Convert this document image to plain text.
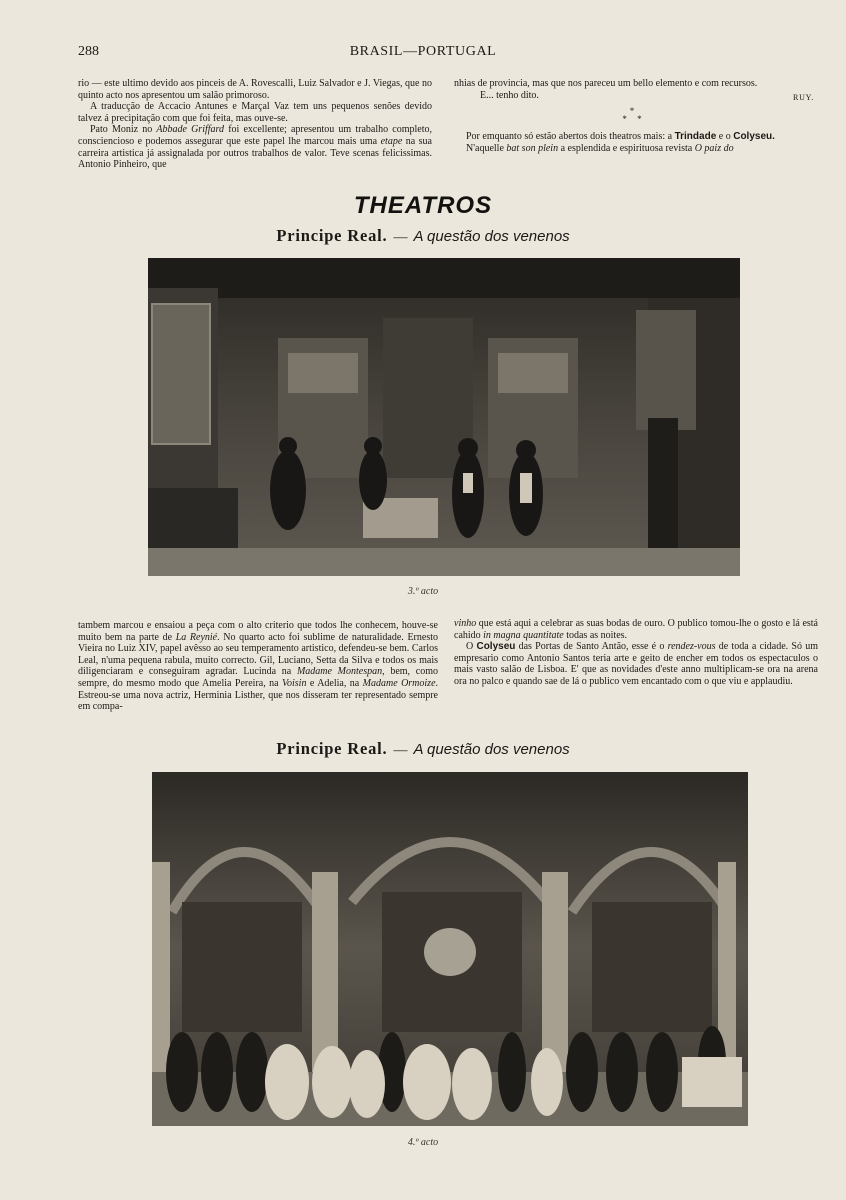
288	BRASIL—PORTUGAL

rio — este ultimo devido aos pinceis de A. Rovescalli, Luiz Salvador e J. Viegas, que no quinto acto nos apresentou um salão primoroso.

A traducção de Accacio Antunes e Marçal Vaz tem uns pequenos senões devido talvez á precipitação com que foi feita, mas ouve-se.

Pato Moniz no Abbade Griffard foi excellente; apresentou um trabalho completo, consciencioso e podemos assegurar que este papel lhe marcou mais uma etape na sua carreira artistica já assignalada por outros trabalhos de valor. Teve scenas felicissimas. Antonio Pinheiro, que

nhias de provincia, mas que nos pareceu um bello elemento e com recursos.

E... tenho dito.	RUY.

*
* *

Por emquanto só estão abertos dois theatros mais: a Trindade e o Colyseu.

N'aquelle bat son plein a esplendida e espirituosa revista O paiz do

THEATROS
Principe Real. — A questão dos venenos
3.º acto

tambem marcou e ensaiou a peça com o alto criterio que todos lhe conhecem, houve-se muito bem na parte de La Reynié. No quarto acto foi sublime de naturalidade. Ernesto Vieira no Luiz XIV, papel avêsso ao seu temperamento artistico, defendeu-se bem. Carlos Leal, n'uma pequena rabula, muito correcto. Gil, Luciano, Setta da Silva e todos os mais diligenciaram e conseguiram agradar. Lucinda na Madame Montespan, bem, como sempre, do mesmo modo que Amelia Pereira, na Voisin e Adelia, na Madame Ormoize. Estreou-se uma nova actriz, Herminia Listher, que nos disseram ter representado sempre em compa-

vinho que está aqui a celebrar as suas bodas de ouro. O publico tomou-lhe o gosto e lá está cahido in magna quantitate todas as noites.

O Colyseu das Portas de Santo Antão, esse é o rendez-vous de toda a cidade. Só um empresario como Antonio Santos teria arte e geito de encher em todos os espectaculos o mais vasto salão de Lisboa. E' que as novidades d'este anno multiplicam-se ora na arena ora no palco e quando sae de lá o publico vem encantado com o que viu e applaudiu.

Principe Real. — A questão dos venenos
4.º acto
